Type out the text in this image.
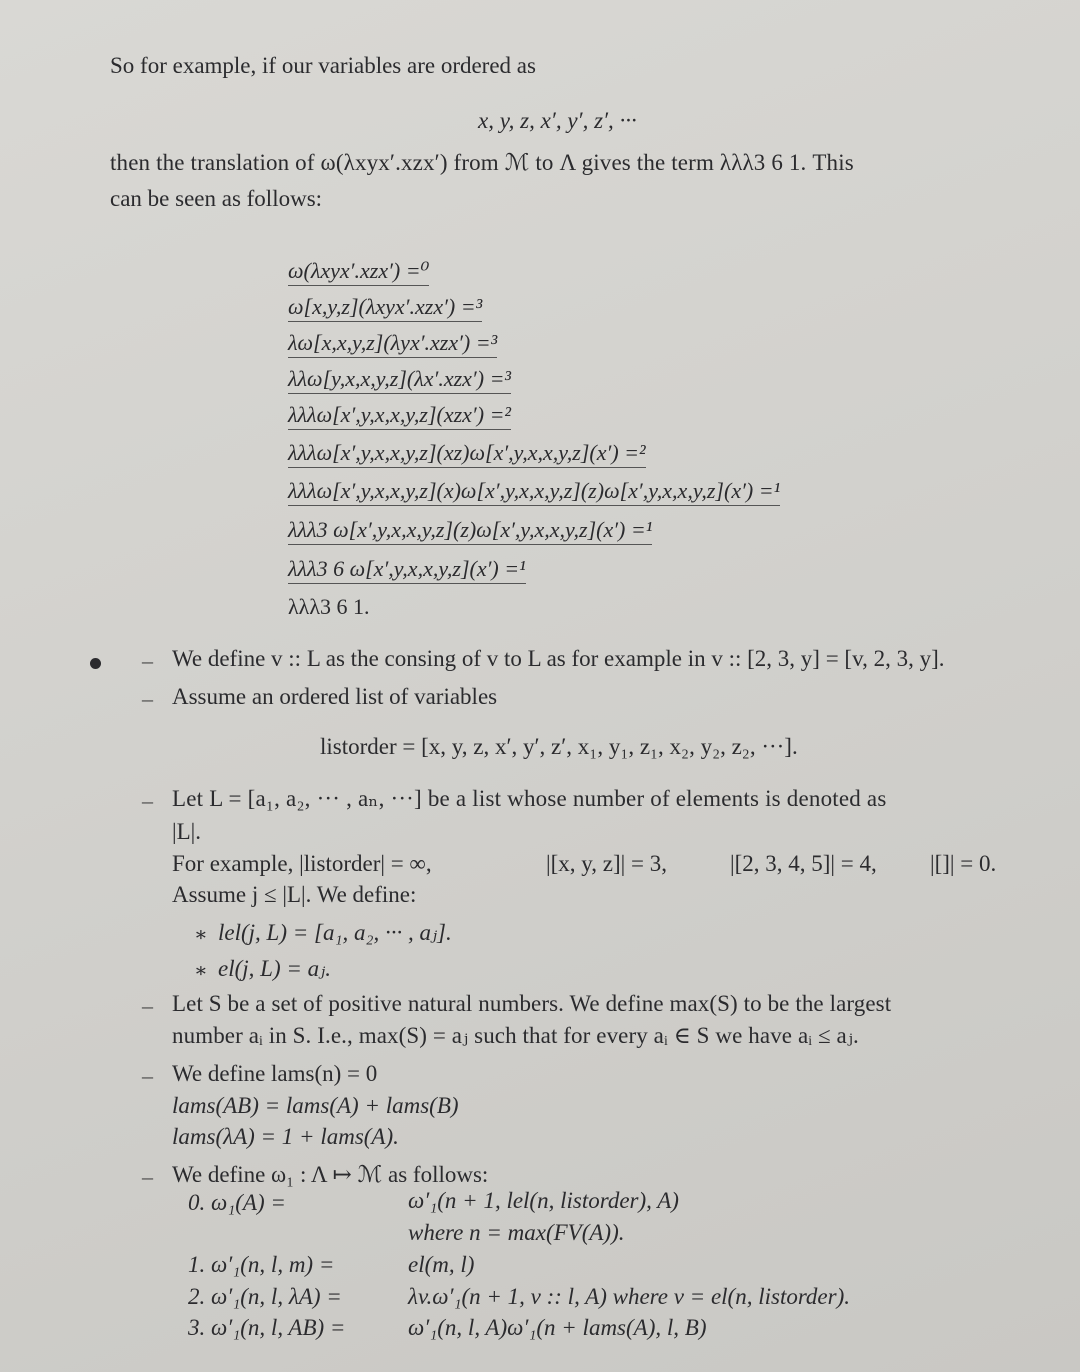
So for example, if our variables are ordered as
x, y, z, x′, y′, z′, ···
then the translation of ω(λxyx′.xzx′) from ℳ to Λ gives the term λλλ3 6 1. This
can be seen as follows:
ω(λxyx′.xzx′) =⁰
ω[x,y,z](λxyx′.xzx′) =³
λω[x,x,y,z](λyx′.xzx′) =³
λλω[y,x,x,y,z](λx′.xzx′) =³
λλλω[x′,y,x,x,y,z](xzx′) =²
λλλω[x′,y,x,x,y,z](xz)ω[x′,y,x,x,y,z](x′) =²
λλλω[x′,y,x,x,y,z](x)ω[x′,y,x,x,y,z](z)ω[x′,y,x,x,y,z](x′) =¹
λλλ3 ω[x′,y,x,x,y,z](z)ω[x′,y,x,x,y,z](x′) =¹
λλλ3 6 ω[x′,y,x,x,y,z](x′) =¹
λλλ3 6 1.
– We define v :: L as the consing of v to L as for example in v :: [2, 3, y] = [v, 2, 3, y].
– Assume an ordered list of variables
listorder = [x, y, z, x′, y′, z′, x₁, y₁, z₁, x₂, y₂, z₂, ···].
– Let L = [a₁, a₂, ··· , aₙ, ···] be a list whose number of elements is denoted as
|L|.
For example, |listorder| = ∞,	|[x, y, z]| = 3,	|[2, 3, 4, 5]| = 4, |[]| = 0.
Assume j ≤ |L|. We define:
∗ lel(j, L) = [a₁, a₂, ··· , aⱼ].
∗ el(j, L) = aⱼ.
– Let S be a set of positive natural numbers. We define max(S) to be the largest
number aᵢ in S. I.e., max(S) = aⱼ such that for every aᵢ ∈ S we have aᵢ ≤ aⱼ.
– We define lams(n) = 0
lams(AB) = lams(A) + lams(B)
lams(λA) = 1 + lams(A).
– We define ω₁ : Λ ↦ ℳ as follows:
0. ω₁(A) =	ω′₁(n + 1, lel(n, listorder), A)
where n = max(FV(A)).
1. ω′₁(n, l, m) =	el(m, l)
2. ω′₁(n, l, λA) =	λv.ω′₁(n + 1, v :: l, A) where v = el(n, listorder).
3. ω′₁(n, l, AB) =	ω′₁(n, l, A)ω′₁(n + lams(A), l, B)
